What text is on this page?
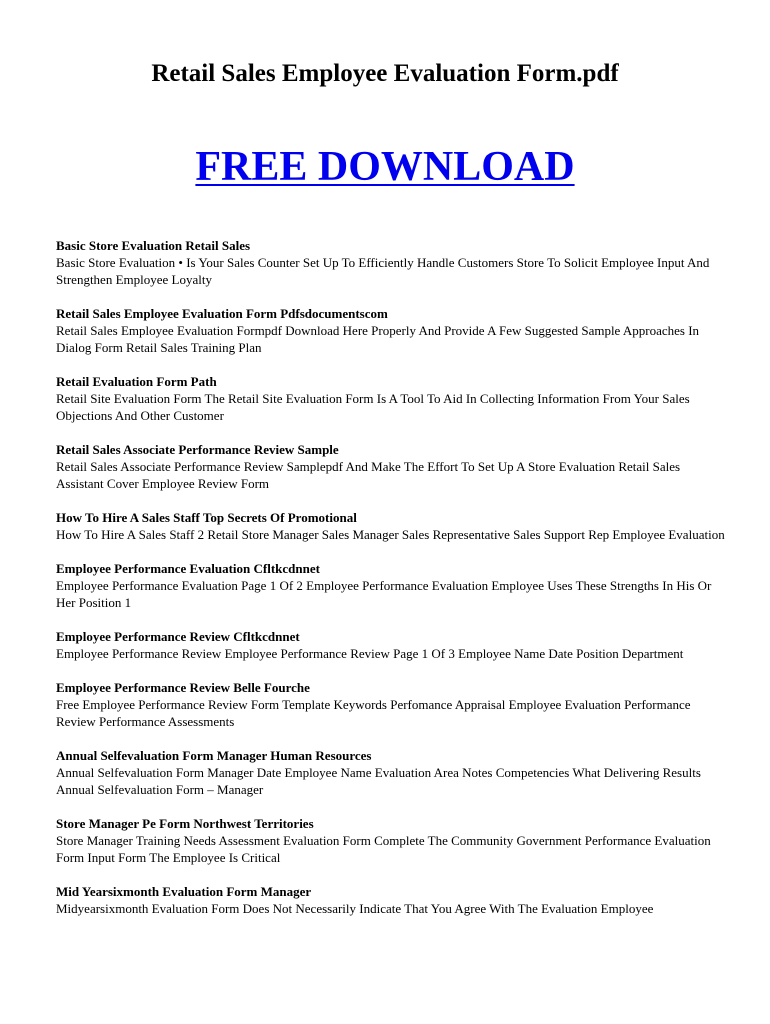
Retail Sales Employee Evaluation Form.pdf
FREE DOWNLOAD

Basic Store Evaluation Retail Sales

Basic Store Evaluation • Is Your Sales Counter Set Up To Efficiently Handle Customers Store To Solicit Employee Input And Strengthen Employee Loyalty

Retail Sales Employee Evaluation Form Pdfsdocumentscom

Retail Sales Employee Evaluation Formpdf Download Here Properly And Provide A Few Suggested Sample Approaches In Dialog Form Retail Sales Training Plan

Retail Evaluation Form Path

Retail Site Evaluation Form The Retail Site Evaluation Form Is A Tool To Aid In Collecting Information From Your Sales Objections And Other Customer

Retail Sales Associate Performance Review Sample

Retail Sales Associate Performance Review Samplepdf And Make The Effort To Set Up A Store Evaluation Retail Sales Assistant Cover Employee Review Form

How To Hire A Sales Staff Top Secrets Of Promotional

How To Hire A Sales Staff 2 Retail Store Manager Sales Manager Sales Representative Sales Support Rep Employee Evaluation

Employee Performance Evaluation Cfltkcdnnet

Employee Performance Evaluation Page 1 Of 2 Employee Performance Evaluation Employee Uses These Strengths In His Or Her Position 1

Employee Performance Review Cfltkcdnnet

Employee Performance Review Employee Performance Review Page 1 Of 3 Employee Name Date Position Department

Employee Performance Review Belle Fourche

Free Employee Performance Review Form Template Keywords Perfomance Appraisal Employee Evaluation Performance Review Performance Assessments

Annual Selfevaluation Form Manager Human Resources

Annual Selfevaluation Form Manager Date Employee Name Evaluation Area Notes Competencies What Delivering Results Annual Selfevaluation Form – Manager

Store Manager Pe Form Northwest Territories

Store Manager Training Needs Assessment Evaluation Form Complete The Community Government Performance Evaluation Form Input Form The Employee Is Critical

Mid Yearsixmonth Evaluation Form Manager

Midyearsixmonth Evaluation Form Does Not Necessarily Indicate That You Agree With The Evaluation Employee
